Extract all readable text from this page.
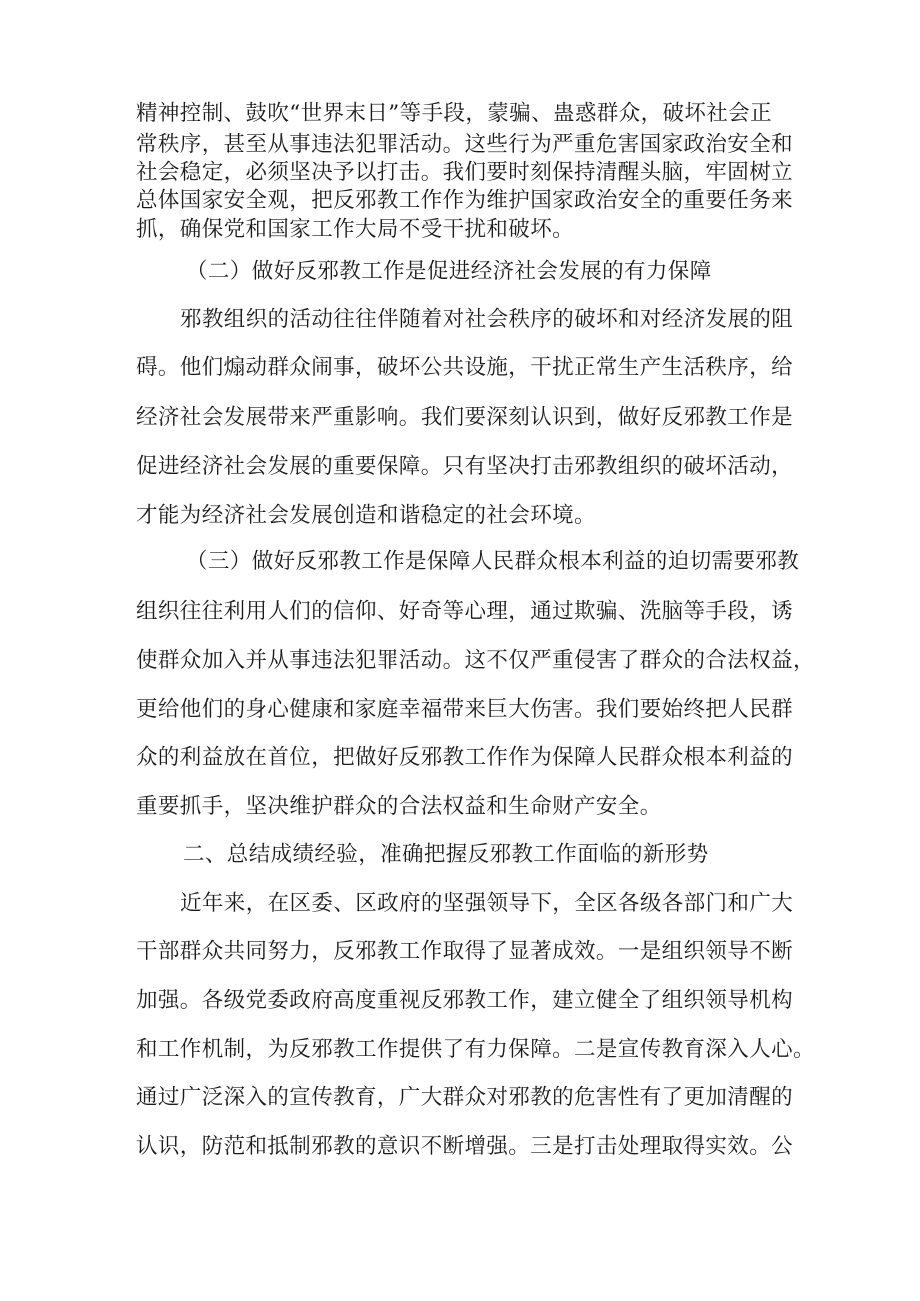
精神控制、鼓吹“世界末日”等手段，蒙骗、蛊惑群众，破坏社会正
常秩序，甚至从事违法犯罪活动。这些行为严重危害国家政治安全和
社会稳定，必须坚决予以打击。我们要时刻保持清醒头脑，牢固树立
总体国家安全观，把反邪教工作作为维护国家政治安全的重要任务来
抓，确保党和国家工作大局不受干扰和破坏。
（二）做好反邪教工作是促进经济社会发展的有力保障
邪教组织的活动往往伴随着对社会秩序的破坏和对经济发展的阻
碍。他们煽动群众闹事，破坏公共设施，干扰正常生产生活秩序，给
经济社会发展带来严重影响。我们要深刻认识到，做好反邪教工作是
促进经济社会发展的重要保障。只有坚决打击邪教组织的破坏活动，
才能为经济社会发展创造和谐稳定的社会环境。
（三）做好反邪教工作是保障人民群众根本利益的迫切需要邪教
组织往往利用人们的信仰、好奇等心理，通过欺骗、洗脑等手段，诱
使群众加入并从事违法犯罪活动。这不仅严重侵害了群众的合法权益，
更给他们的身心健康和家庭幸福带来巨大伤害。我们要始终把人民群
众的利益放在首位，把做好反邪教工作作为保障人民群众根本利益的
重要抓手，坚决维护群众的合法权益和生命财产安全。
二、总结成绩经验，准确把握反邪教工作面临的新形势
近年来，在区委、区政府的坚强领导下，全区各级各部门和广大
干部群众共同努力，反邪教工作取得了显著成效。一是组织领导不断
加强。各级党委政府高度重视反邪教工作，建立健全了组织领导机构
和工作机制，为反邪教工作提供了有力保障。二是宣传教育深入人心。
通过广泛深入的宣传教育，广大群众对邪教的危害性有了更加清醒的
认识，防范和抵制邪教的意识不断增强。三是打击处理取得实效。公
